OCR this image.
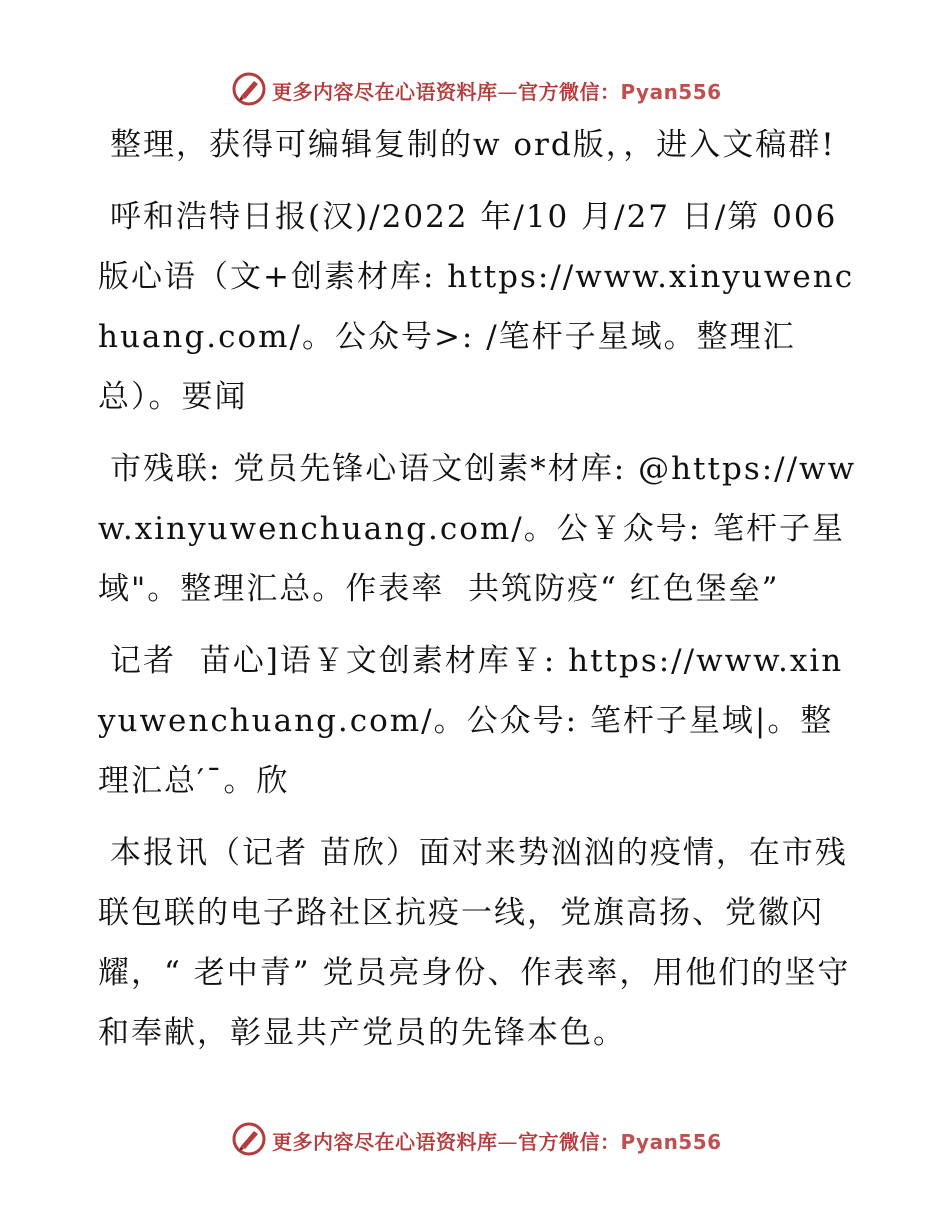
更多内容尽在心语资料库—官方微信：Pyan556

整理，获得可编辑复制的w ord版，，进入文稿群!

呼和浩特日报(汉)/2022 年/10 月/27 日/第 006 版心语（文+创素材库: https://www.xinyuwenchuang.com/。公众号>: /笔杆子星域。整理汇总）。要闻

市残联: 党员先锋心语文创素*材库: @https://www.xinyuwenchuang.com/。公￥众号: 笔杆子星域"。整理汇总。作表率  共筑防疫“ 红色堡垒”

记者  苗心]语￥文创素材库￥: https://www.xinyuwenchuang.com/。公众号: 笔杆子星域|。整理汇总′¯。欣

本报讯（记者 苗欣）面对来势汹汹的疫情，在市残联包联的电子路社区抗疫一线，党旗高扬、党徽闪耀，“ 老中青” 党员亮身份、作表率，用他们的坚守和奉献，彰显共产党员的先锋本色。

更多内容尽在心语资料库—官方微信：Pyan556
